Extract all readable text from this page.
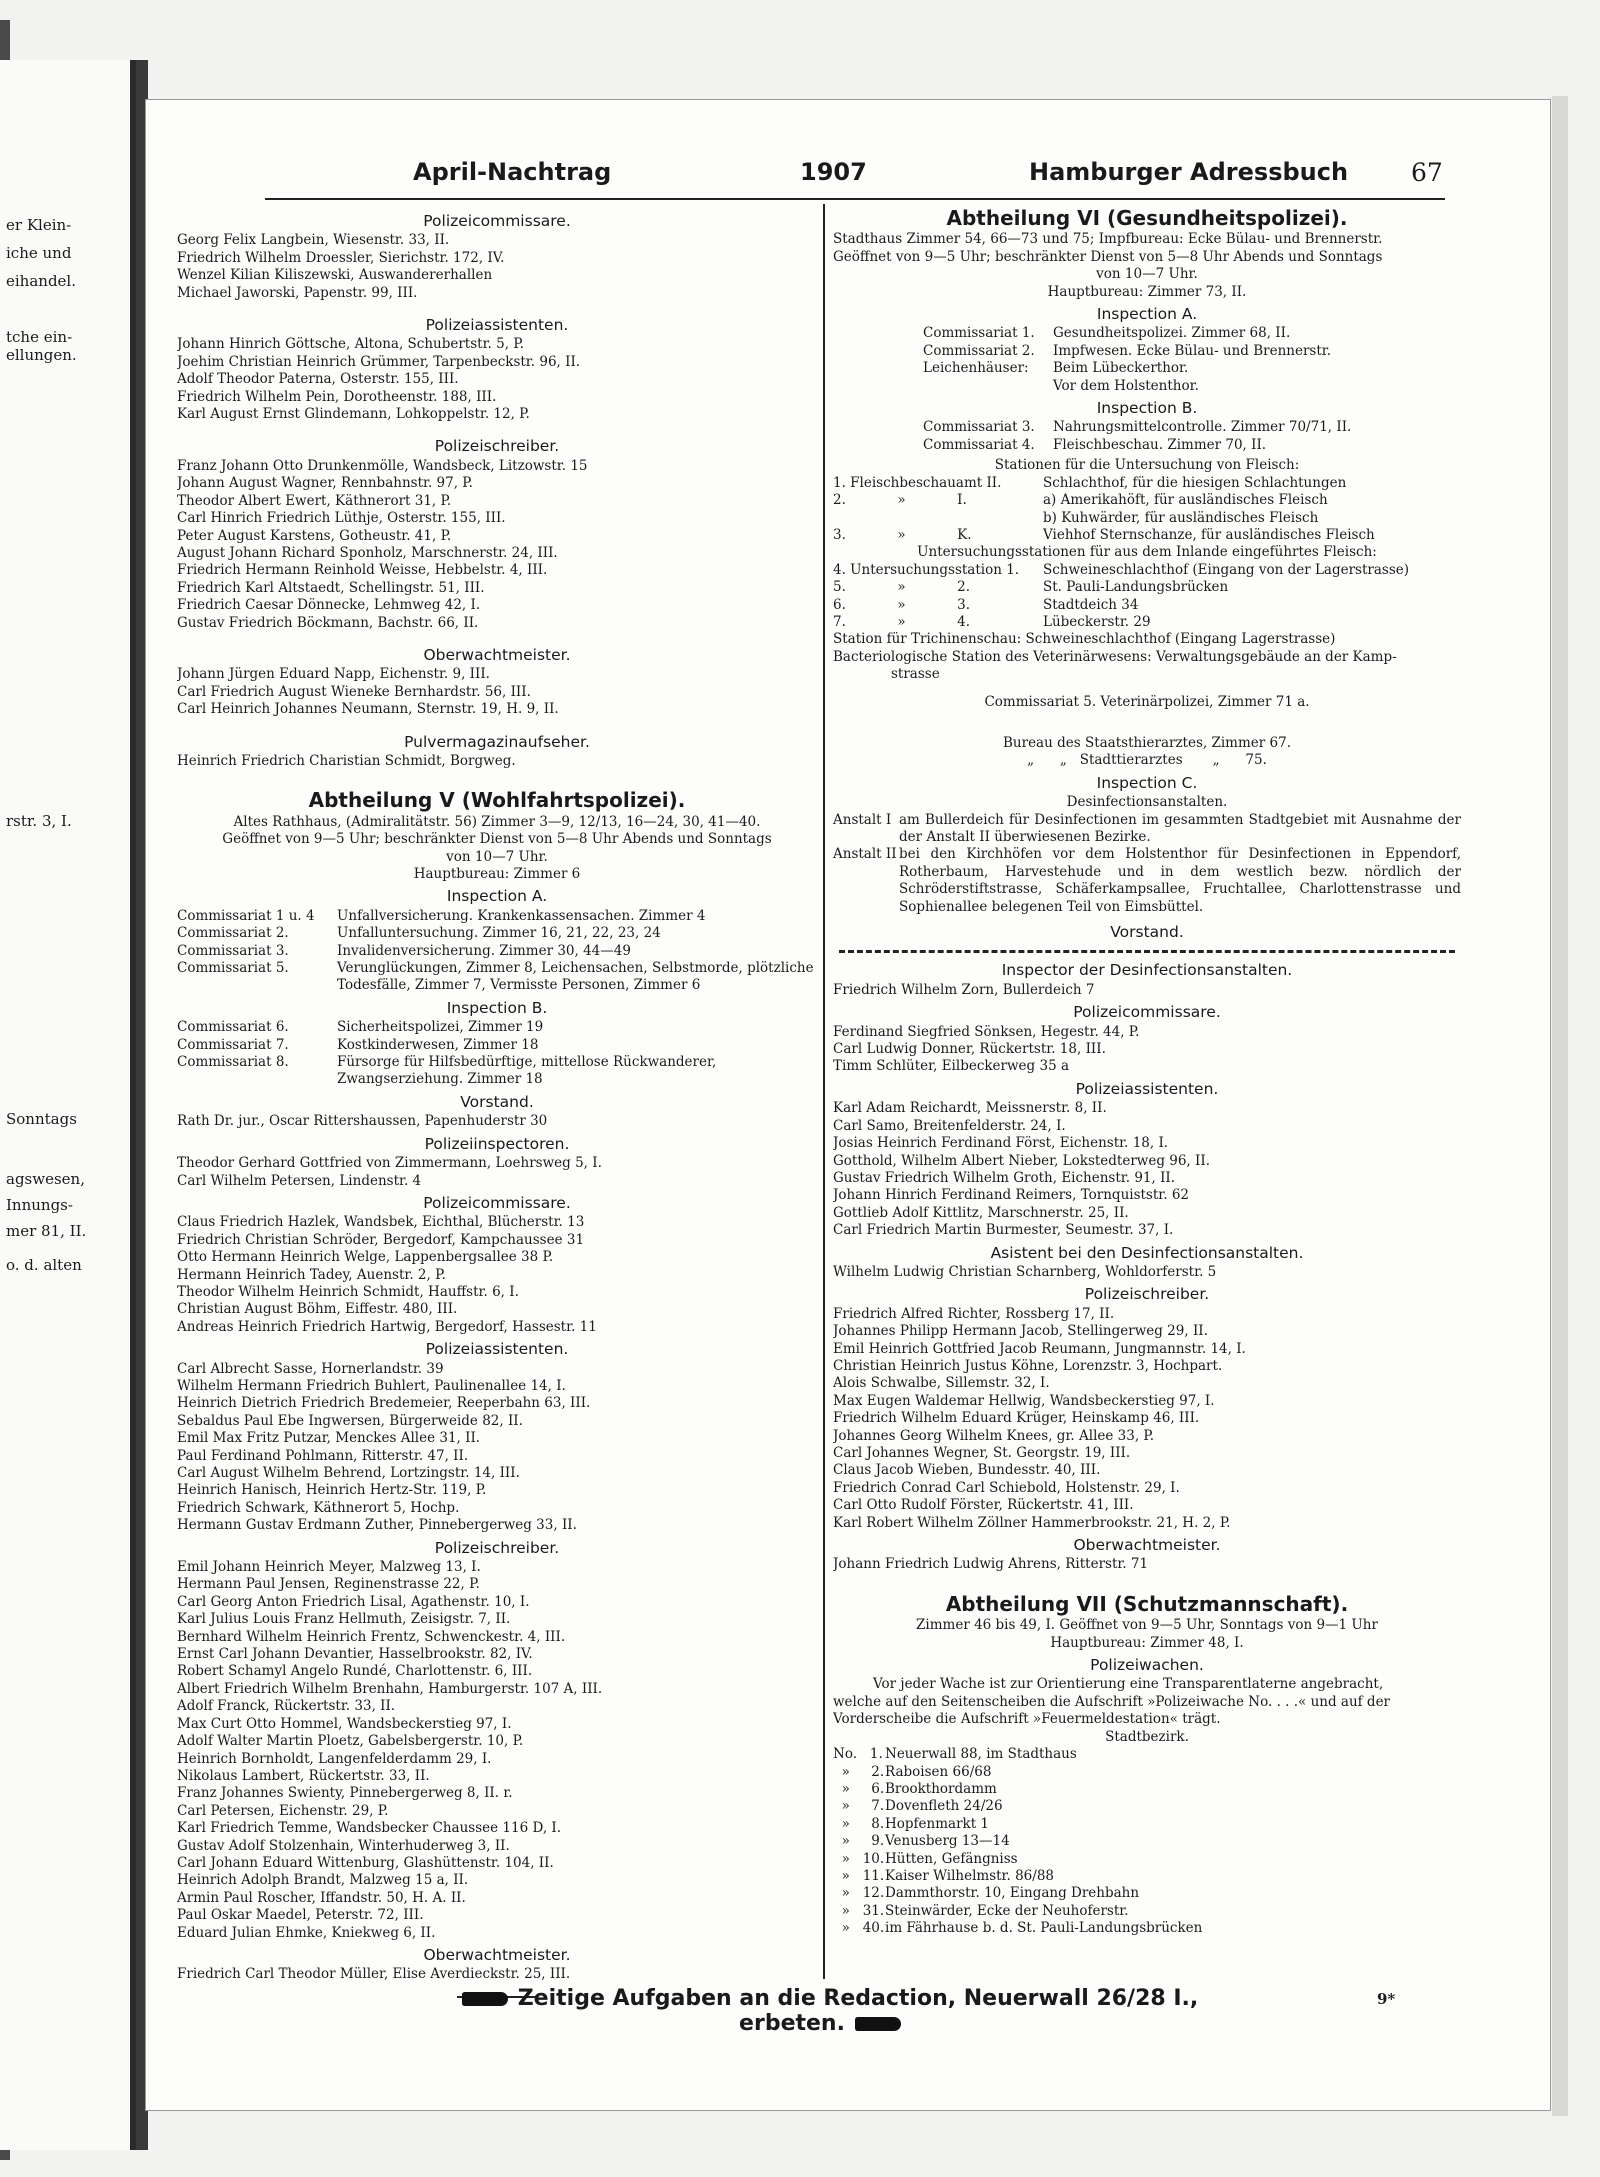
er Klein-
iche und
eihandel.
tche ein-
ellungen.
rstr. 3, I.
Sonntags
agswesen,
Innungs-
mer 81, II.
o. d. alten
April-Nachtrag	1907	Hamburger Adressbuch	67
Polizeicommissare.
Georg Felix Langbein, Wiesenstr. 33, II.
Friedrich Wilhelm Droessler, Sierichstr. 172, IV.
Wenzel Kilian Kiliszewski, Auswandererhallen
Michael Jaworski, Papenstr. 99, III.
Polizeiassistenten.
Johann Hinrich Göttsche, Altona, Schubertstr. 5, P.
Joehim Christian Heinrich Grümmer, Tarpenbeckstr. 96, II.
Adolf Theodor Paterna, Osterstr. 155, III.
Friedrich Wilhelm Pein, Dorotheenstr. 188, III.
Karl August Ernst Glindemann, Lohkoppelstr. 12, P.
Polizeischreiber.
Franz Johann Otto Drunkenmölle, Wandsbeck, Litzowstr. 15
Johann August Wagner, Rennbahnstr. 97, P.
Theodor Albert Ewert, Käthnerort 31, P.
Carl Hinrich Friedrich Lüthje, Osterstr. 155, III.
Peter August Karstens, Gotheustr. 41, P.
August Johann Richard Sponholz, Marschnerstr. 24, III.
Friedrich Hermann Reinhold Weisse, Hebbelstr. 4, III.
Friedrich Karl Altstaedt, Schellingstr. 51, III.
Friedrich Caesar Dönnecke, Lehmweg 42, I.
Gustav Friedrich Böckmann, Bachstr. 66, II.
Oberwachtmeister.
Johann Jürgen Eduard Napp, Eichenstr. 9, III.
Carl Friedrich August Wieneke Bernhardstr. 56, III.
Carl Heinrich Johannes Neumann, Sternstr. 19, H. 9, II.
Pulvermagazinaufseher.
Heinrich Friedrich Charistian Schmidt, Borgweg.
Abtheilung V (Wohlfahrtspolizei).
Altes Rathhaus, (Admiralitätstr. 56) Zimmer 3—9, 12/13, 16—24, 30, 41—40.
Geöffnet von 9—5 Uhr; beschränkter Dienst von 5—8 Uhr Abends und Sonntags
von 10—7 Uhr.
Hauptbureau: Zimmer 6
Inspection A.
Commissariat 1 u. 4	Unfallversicherung. Krankenkassensachen. Zimmer 4
Commissariat 2.	Unfalluntersuchung. Zimmer 16, 21, 22, 23, 24
Commissariat 3.	Invalidenversicherung. Zimmer 30, 44—49
Commissariat 5.	Verunglückungen, Zimmer 8, Leichensachen, Selbstmorde, plötzliche Todesfälle, Zimmer 7, Vermisste Personen, Zimmer 6
Inspection B.
Commissariat 6.	Sicherheitspolizei, Zimmer 19
Commissariat 7.	Kostkinderwesen, Zimmer 18
Commissariat 8.	Fürsorge für Hilfsbedürftige, mittellose Rückwanderer, Zwangserziehung. Zimmer 18
Vorstand.
Rath Dr. jur., Oscar Rittershaussen, Papenhuderstr 30
Polizeiinspectoren.
Theodor Gerhard Gottfried von Zimmermann, Loehrsweg 5, I.
Carl Wilhelm Petersen, Lindenstr. 4
Polizeicommissare.
Claus Friedrich Hazlek, Wandsbek, Eichthal, Blücherstr. 13
Friedrich Christian Schröder, Bergedorf, Kampchaussee 31
Otto Hermann Heinrich Welge, Lappenbergsallee 38 P.
Hermann Heinrich Tadey, Auenstr. 2, P.
Theodor Wilhelm Heinrich Schmidt, Hauffstr. 6, I.
Christian August Böhm, Eiffestr. 480, III.
Andreas Heinrich Friedrich Hartwig, Bergedorf, Hassestr. 11
Polizeiassistenten.
Carl Albrecht Sasse, Hornerlandstr. 39
Wilhelm Hermann Friedrich Buhlert, Paulinenallee 14, I.
Heinrich Dietrich Friedrich Bredemeier, Reeperbahn 63, III.
Sebaldus Paul Ebe Ingwersen, Bürgerweide 82, II.
Emil Max Fritz Putzar, Menckes Allee 31, II.
Paul Ferdinand Pohlmann, Ritterstr. 47, II.
Carl August Wilhelm Behrend, Lortzingstr. 14, III.
Heinrich Hanisch, Heinrich Hertz-Str. 119, P.
Friedrich Schwark, Käthnerort 5, Hochp.
Hermann Gustav Erdmann Zuther, Pinnebergerweg 33, II.
Polizeischreiber.
Emil Johann Heinrich Meyer, Malzweg 13, I.
Hermann Paul Jensen, Reginenstrasse 22, P.
Carl Georg Anton Friedrich Lisal, Agathenstr. 10, I.
Karl Julius Louis Franz Hellmuth, Zeisigstr. 7, II.
Bernhard Wilhelm Heinrich Frentz, Schwenckestr. 4, III.
Ernst Carl Johann Devantier, Hasselbrookstr. 82, IV.
Robert Schamyl Angelo Rundé, Charlottenstr. 6, III.
Albert Friedrich Wilhelm Brenhahn, Hamburgerstr. 107 A, III.
Adolf Franck, Rückertstr. 33, II.
Max Curt Otto Hommel, Wandsbeckerstieg 97, I.
Adolf Walter Martin Ploetz, Gabelsbergerstr. 10, P.
Heinrich Bornholdt, Langenfelderdamm 29, I.
Nikolaus Lambert, Rückertstr. 33, II.
Franz Johannes Swienty, Pinnebergerweg 8, II. r.
Carl Petersen, Eichenstr. 29, P.
Karl Friedrich Temme, Wandsbecker Chaussee 116 D, I.
Gustav Adolf Stolzenhain, Winterhuderweg 3, II.
Carl Johann Eduard Wittenburg, Glashüttenstr. 104, II.
Heinrich Adolph Brandt, Malzweg 15 a, II.
Armin Paul Roscher, Iffandstr. 50, H. A. II.
Paul Oskar Maedel, Peterstr. 72, III.
Eduard Julian Ehmke, Kniekweg 6, II.
Oberwachtmeister.
Friedrich Carl Theodor Müller, Elise Averdieckstr. 25, III.
Abtheilung VI (Gesundheitspolizei).
Stadthaus Zimmer 54, 66—73 und 75; Impfbureau: Ecke Bülau- und Brennerstr.
Geöffnet von 9—5 Uhr; beschränkter Dienst von 5—8 Uhr Abends und Sonntags
von 10—7 Uhr.
Hauptbureau: Zimmer 73, II.
Inspection A.
Commissariat 1.	Gesundheitspolizei. Zimmer 68, II.
Commissariat 2.	Impfwesen. Ecke Bülau- und Brennerstr.
Leichenhäuser:	Beim Lübeckerthor.
Vor dem Holstenthor.
Inspection B.
Commissariat 3.	Nahrungsmittelcontrolle. Zimmer 70/71, II.
Commissariat 4.	Fleischbeschau. Zimmer 70, II.
Stationen für die Untersuchung von Fleisch:
1. Fleischbeschauamt II.	Schlachthof, für die hiesigen Schlachtungen
2.            »            I.	a) Amerikahöft, für ausländisches Fleisch
b) Kuhwärder, für ausländisches Fleisch
3.            »            K.	Viehhof Sternschanze, für ausländisches Fleisch
Untersuchungsstationen für aus dem Inlande eingeführtes Fleisch:
4. Untersuchungsstation 1.	Schweineschlachthof (Eingang von der Lagerstrasse)
5.            »            2.	St. Pauli-Landungsbrücken
6.            »            3.	Stadtdeich 34
7.            »            4.	Lübeckerstr. 29
Station für Trichinenschau: Schweineschlachthof (Eingang Lagerstrasse)
Bacteriologische Station des Veterinärwesens: Verwaltungsgebäude an der Kamp-
strasse
Commissariat 5. Veterinärpolizei, Zimmer 71 a.
Bureau des Staatsthierarztes, Zimmer 67.
„      „   Stadttierarztes       „      75.
Inspection C.
Desinfectionsanstalten.
Anstalt I am Bullerdeich für Desinfectionen im gesammten Stadtgebiet mit Ausnahme der der Anstalt II überwiesenen Bezirke.
Anstalt II bei den Kirchhöfen vor dem Holstenthor für Desinfectionen in Eppendorf, Rotherbaum, Harvestehude und in dem westlich bezw. nördlich der Schröderstiftstrasse, Schäferkampsallee, Fruchtallee, Charlottenstrasse und Sophienallee belegenen Teil von Eimsbüttel.
Vorstand.
Inspector der Desinfectionsanstalten.
Friedrich Wilhelm Zorn, Bullerdeich 7
Polizeicommissare.
Ferdinand Siegfried Sönksen, Hegestr. 44, P.
Carl Ludwig Donner, Rückertstr. 18, III.
Timm Schlüter, Eilbeckerweg 35 a
Polizeiassistenten.
Karl Adam Reichardt, Meissnerstr. 8, II.
Carl Samo, Breitenfelderstr. 24, I.
Josias Heinrich Ferdinand Först, Eichenstr. 18, I.
Gotthold, Wilhelm Albert Nieber, Lokstedterweg 96, II.
Gustav Friedrich Wilhelm Groth, Eichenstr. 91, II.
Johann Hinrich Ferdinand Reimers, Tornquiststr. 62
Gottlieb Adolf Kittlitz, Marschnerstr. 25, II.
Carl Friedrich Martin Burmester, Seumestr. 37, I.
Asistent bei den Desinfectionsanstalten.
Wilhelm Ludwig Christian Scharnberg, Wohldorferstr. 5
Polizeischreiber.
Friedrich Alfred Richter, Rossberg 17, II.
Johannes Philipp Hermann Jacob, Stellingerweg 29, II.
Emil Heinrich Gottfried Jacob Reumann, Jungmannstr. 14, I.
Christian Heinrich Justus Köhne, Lorenzstr. 3, Hochpart.
Alois Schwalbe, Sillemstr. 32, I.
Max Eugen Waldemar Hellwig, Wandsbeckerstieg 97, I.
Friedrich Wilhelm Eduard Krüger, Heinskamp 46, III.
Johannes Georg Wilhelm Knees, gr. Allee 33, P.
Carl Johannes Wegner, St. Georgstr. 19, III.
Claus Jacob Wieben, Bundesstr. 40, III.
Friedrich Conrad Carl Schiebold, Holstenstr. 29, I.
Carl Otto Rudolf Förster, Rückertstr. 41, III.
Karl Robert Wilhelm Zöllner Hammerbrookstr. 21, H. 2, P.
Oberwachtmeister.
Johann Friedrich Ludwig Ahrens, Ritterstr. 71
Abtheilung VII (Schutzmannschaft).
Zimmer 46 bis 49, I. Geöffnet von 9—5 Uhr, Sonntags von 9—1 Uhr
Hauptbureau: Zimmer 48, I.
Polizeiwachen.
Vor jeder Wache ist zur Orientierung eine Transparentlaterne angebracht,
welche auf den Seitenscheiben die Aufschrift »Polizeiwache No. . . .« und auf der
Vorderscheibe die Aufschrift »Feuermeldestation« trägt.
Stadtbezirk.
No.   1. Neuerwall 88, im Stadthaus
»     2. Raboisen 66/68
»     6. Brookthordamm
»     7. Dovenfleth 24/26
»     8. Hopfenmarkt 1
»     9. Venusberg 13—14
»   10. Hütten, Gefängniss
»   11. Kaiser Wilhelmstr. 86/88
»   12. Dammthorstr. 10, Eingang Drehbahn
»   31. Steinwärder, Ecke der Neuhoferstr.
»   40. im Fährhause b. d. St. Pauli-Landungsbrücken
Zeitige Aufgaben an die Redaction, Neuerwall 26/28 I., erbeten.
9*
